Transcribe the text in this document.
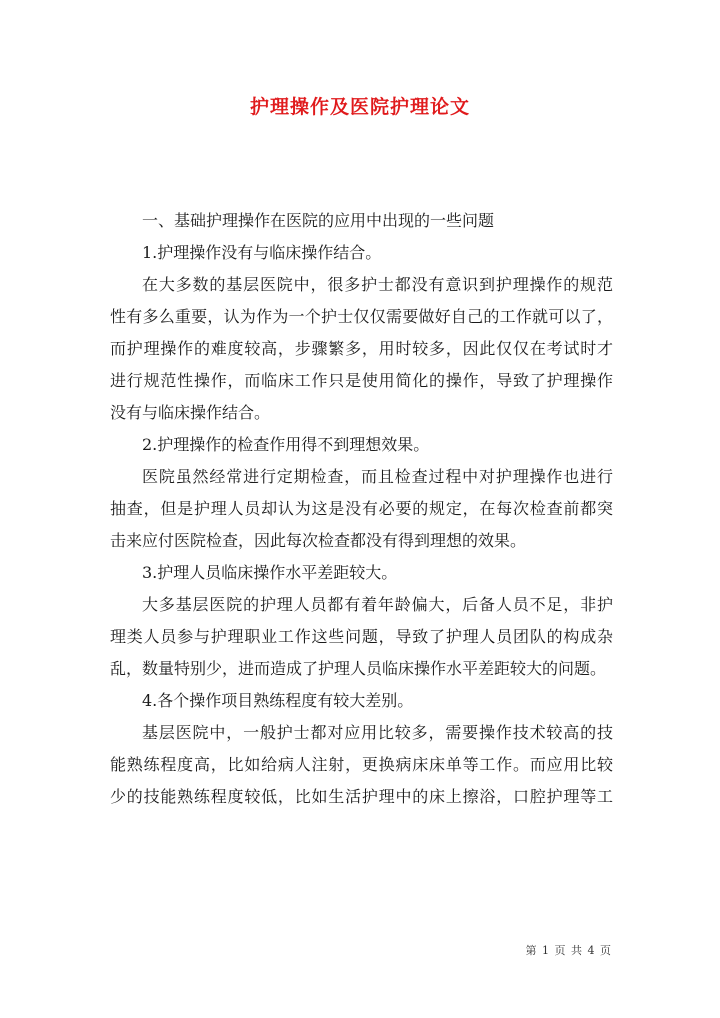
护理操作及医院护理论文
一、基础护理操作在医院的应用中出现的一些问题
1.护理操作没有与临床操作结合。
在大多数的基层医院中，很多护士都没有意识到护理操作的规范
性有多么重要，认为作为一个护士仅仅需要做好自己的工作就可以了，
而护理操作的难度较高，步骤繁多，用时较多，因此仅仅在考试时才
进行规范性操作，而临床工作只是使用简化的操作，导致了护理操作
没有与临床操作结合。
2.护理操作的检查作用得不到理想效果。
医院虽然经常进行定期检查，而且检查过程中对护理操作也进行
抽查，但是护理人员却认为这是没有必要的规定，在每次检查前都突
击来应付医院检查，因此每次检查都没有得到理想的效果。
3.护理人员临床操作水平差距较大。
大多基层医院的护理人员都有着年龄偏大，后备人员不足，非护
理类人员参与护理职业工作这些问题，导致了护理人员团队的构成杂
乱，数量特别少，进而造成了护理人员临床操作水平差距较大的问题。
4.各个操作项目熟练程度有较大差别。
基层医院中，一般护士都对应用比较多，需要操作技术较高的技
能熟练程度高，比如给病人注射，更换病床床单等工作。而应用比较
少的技能熟练程度较低，比如生活护理中的床上擦浴，口腔护理等工
第 1 页 共 4 页
